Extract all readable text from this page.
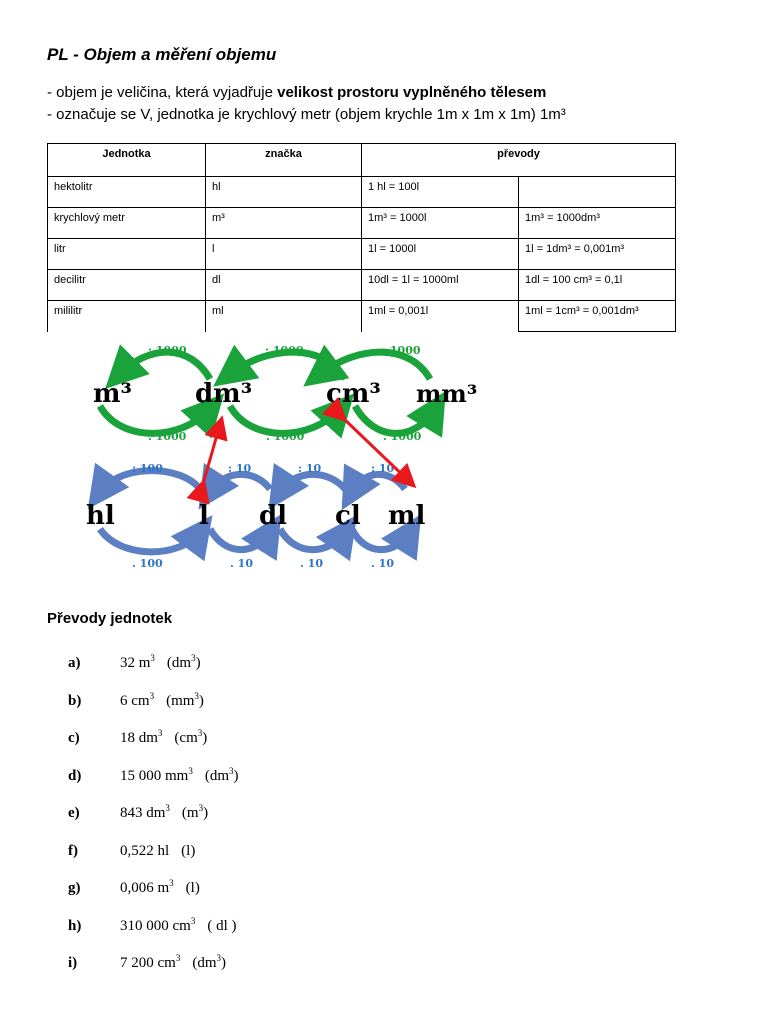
PL - Objem a měření objemu
- objem je veličina, která vyjadřuje velikost prostoru vyplněného tělesem
- označuje se V, jednotka je krychlový metr (objem krychle 1m x 1m x 1m) 1m³
Jednotka	značka	převody	
hektolitr	hl	1 hl = 100l	
krychlový metr	m³	1m³ = 1000l	1m³ = 1000dm³
litr	l	1l = 1000l	1l = 1dm³ = 0,001m³
decilitr	dl	10dl = 1l = 1000ml	1dl = 100 cm³ = 0,1l
mililitr	ml	1ml = 0,001l	1ml = 1cm³ = 0,001dm³
: 1000	: 1000	: 1000
m³ dm³	cm³ mm³
. 1000	. 1000	. 1000
: 100	: 10	: 10	: 10
hl	l dl cl ml
. 100	. 10	. 10	. 10
Převody jednotek
a)	32 $m^3$ $(dm^3)$
b)	6 $cm^3$ $(mm^3)$
c)	18 $dm^3$ $(cm^3)$
d)	15 000 $mm^3$ $(dm^3)$
e)	843 $dm^3$ $(m^3)$
f)	0,522 hl (l)
g)	0,006 $m^3$ (l)
h)	310 000 $cm^3$ ( dl )
i)	7 200 $cm^3$ $(dm^3)$
